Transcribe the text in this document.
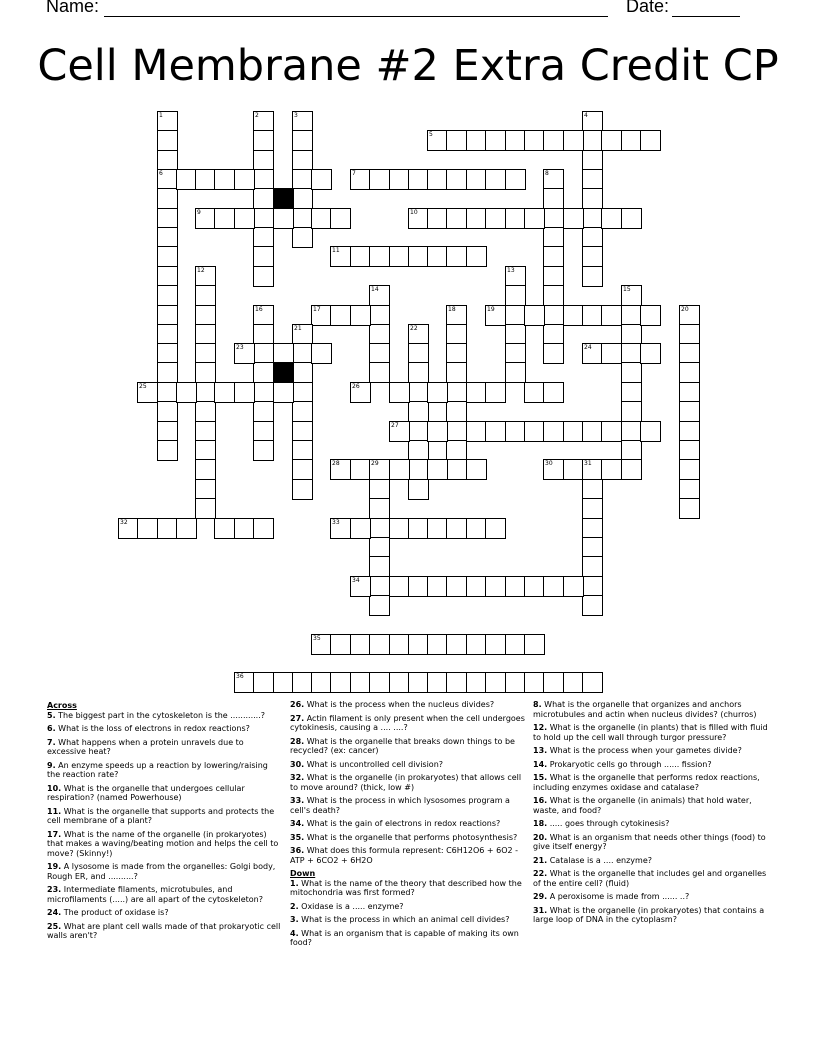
Name:	Date:
Cell Membrane #2 Extra Credit CP
1
6
2	3	4
5
7	8
9	10
11
12	13
14	15
16	17	18	19	20
21	22
23	24
25	26
27
28	29	30	31
32	33
34
35
36
Across
5. The biggest part in the cytoskeleton is the ............?
6. What is the loss of electrons in redox reactions?
7. What happens when a protein unravels due to excessive heat?
9. An enzyme speeds up a reaction by lowering/raising the reaction rate?
10. What is the organelle that undergoes cellular respiration? (named Powerhouse)
11. What is the organelle that supports and protects the cell membrane of a plant?
17. What is the name of the organelle (in prokaryotes) that makes a waving/beating motion and helps the cell to move? (Skinny!)
19. A lysosome is made from the organelles: Golgi body, Rough ER, and ..........?
23. Intermediate filaments, microtubules, and microfilaments (.....) are all apart of the cytoskeleton?
24. The product of oxidase is?
25. What are plant cell walls made of that prokaryotic cell walls aren't?
26. What is the process when the nucleus divides?
27. Actin filament is only present when the cell undergoes cytokinesis, causing a .... ....?
28. What is the organelle that breaks down things to be recycled? (ex: cancer)
30. What is uncontrolled cell division?
32. What is the organelle (in prokaryotes) that allows cell to move around? (thick, low #)
33. What is the process in which lysosomes program a cell's death?
34. What is the gain of electrons in redox reactions?
35. What is the organelle that performs photosynthesis?
36. What does this formula represent: C6H12O6 + 6O2 - ATP + 6CO2 + 6H2O
Down
1. What is the name of the theory that described how the mitochondria was first formed?
2. Oxidase is a ..... enzyme?
3. What is the process in which an animal cell divides?
4. What is an organism that is capable of making its own food?
8. What is the organelle that organizes and anchors microtubules and actin when nucleus divides? (churros)
12. What is the organelle (in plants) that is filled with fluid to hold up the cell wall through turgor pressure?
13. What is the process when your gametes divide?
14. Prokaryotic cells go through ...... fission?
15. What is the organelle that performs redox reactions, including enzymes oxidase and catalase?
16. What is the organelle (in animals) that hold water, waste, and food?
18. ..... goes through cytokinesis?
20. What is an organism that needs other things (food) to give itself energy?
21. Catalase is a .... enzyme?
22. What is the organelle that includes gel and organelles of the entire cell? (fluid)
29. A peroxisome is made from ...... ..?
31. What is the organelle (in prokaryotes) that contains a large loop of DNA in the cytoplasm?
